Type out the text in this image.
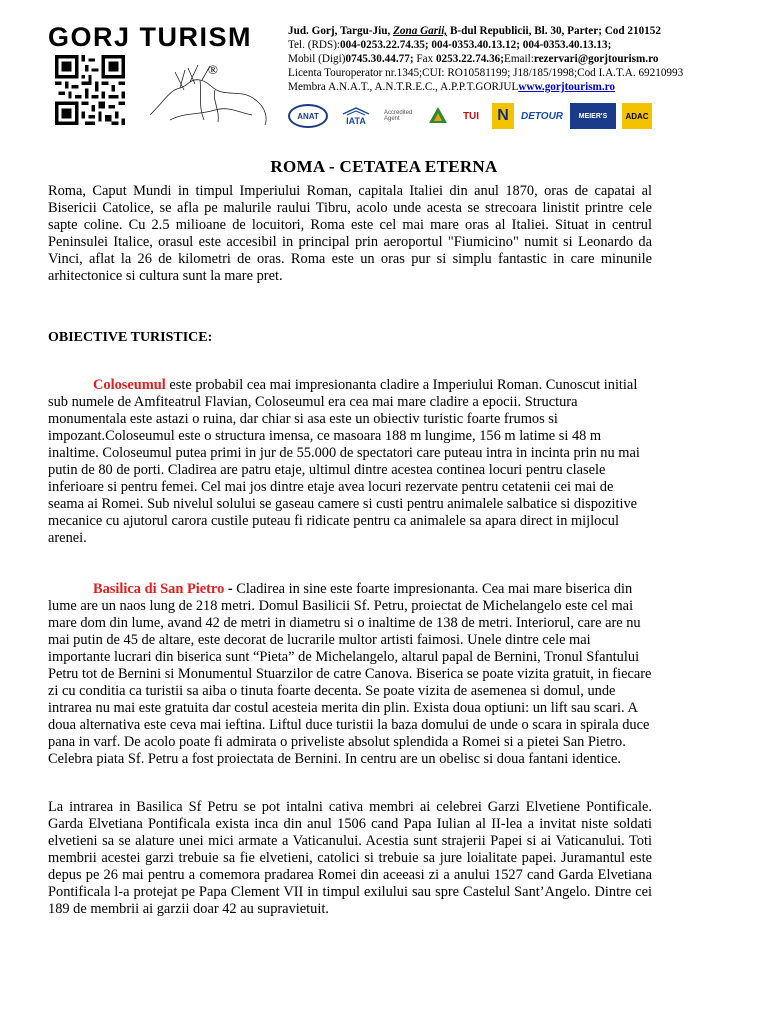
GORJ TURISM
®
Jud. Gorj, Targu-Jiu, Zona Garii, B-dul Republicii, Bl. 30, Parter; Cod 210152
Tel. (RDS):004-0253.22.74.35; 004-0353.40.13.12; 004-0353.40.13.13;
Mobil (Digi)0745.30.44.77; Fax 0253.22.74.36;Email:rezervari@gorjtourism.ro
Licenta Touroperator nr.1345;CUI: RO10581199; J18/185/1998;Cod I.A.T.A. 69210993
Membra A.N.A.T., A.N.T.R.E.C., A.P.P.T.GORJULwww.gorjtourism.ro
ANAT	IATA
Accredited Agent	TUI	N	DETOUR	MEIER'S	ADAC
ROMA - CETATEA ETERNA
Roma, Caput Mundi in timpul Imperiului Roman, capitala Italiei din anul 1870, oras de capatai al Bisericii Catolice, se afla pe malurile raului Tibru, acolo unde acesta se strecoara linistit printre cele sapte coline. Cu 2.5 milioane de locuitori, Roma este cel mai mare oras al Italiei. Situat in centrul Peninsulei Italice, orasul este accesibil in principal prin aeroportul "Fiumicino" numit si Leonardo da Vinci, aflat la 26 de kilometri de oras. Roma este un oras pur si simplu fantastic in care minunile arhitectonice si cultura sunt la mare pret.
OBIECTIVE TURISTICE:
Coloseumul este probabil cea mai impresionanta cladire a Imperiului Roman. Cunoscut initial sub numele de Amfiteatrul Flavian, Coloseumul era cea mai mare cladire a epocii. Structura monumentala este astazi o ruina, dar chiar si asa este un obiectiv turistic foarte frumos si impozant.Coloseumul este o structura imensa, ce masoara 188 m lungime, 156 m latime si 48 m inaltime. Coloseumul putea primi in jur de 55.000 de spectatori care puteau intra in incinta prin nu mai putin de 80 de porti. Cladirea are patru etaje, ultimul dintre acestea continea locuri pentru clasele inferioare si pentru femei. Cel mai jos dintre etaje avea locuri rezervate pentru cetatenii cei mai de seama ai Romei. Sub nivelul solului se gaseau camere si custi pentru animalele salbatice si dispozitive mecanice cu ajutorul carora custile puteau fi ridicate pentru ca animalele sa apara direct in mijlocul arenei.
Basilica di San Pietro - Cladirea in sine este foarte impresionanta. Cea mai mare biserica din lume are un naos lung de 218 metri. Domul Basilicii Sf. Petru, proiectat de Michelangelo este cel mai mare dom din lume, avand 42 de metri in diametru si o inaltime de 138 de metri. Interiorul, care are nu mai putin de 45 de altare, este decorat de lucrarile multor artisti faimosi. Unele dintre cele mai importante lucrari din biserica sunt “Pieta” de Michelangelo, altarul papal de Bernini, Tronul Sfantului Petru tot de Bernini si Monumentul Stuarzilor de catre Canova. Biserica se poate vizita gratuit, in fiecare zi cu conditia ca turistii sa aiba o tinuta foarte decenta. Se poate vizita de asemenea si domul, unde intrarea nu mai este gratuita dar costul acesteia merita din plin. Exista doua optiuni: un lift sau scari. A doua alternativa este ceva mai ieftina. Liftul duce turistii la baza domului de unde o scara in spirala duce pana in varf. De acolo poate fi admirata o priveliste absolut splendida a Romei si a pietei San Pietro. Celebra piata Sf. Petru a fost proiectata de Bernini. In centru are un obelisc si doua fantani identice.
La intrarea in Basilica Sf Petru se pot intalni cativa membri ai celebrei Garzi Elvetiene Pontificale. Garda Elvetiana Pontificala exista inca din anul 1506 cand Papa Iulian al II-lea a invitat niste soldati elvetieni sa se alature unei mici armate a Vaticanului. Acestia sunt strajerii Papei si ai Vaticanului. Toti membrii acestei garzi trebuie sa fie elvetieni, catolici si trebuie sa jure loialitate papei. Juramantul este depus pe 26 mai pentru a comemora pradarea Romei din aceeasi zi a anului 1527 cand Garda Elvetiana Pontificala l-a protejat pe Papa Clement VII in timpul exilului sau spre Castelul Sant’Angelo. Dintre cei 189 de membrii ai garzii doar 42 au supravietuit.
